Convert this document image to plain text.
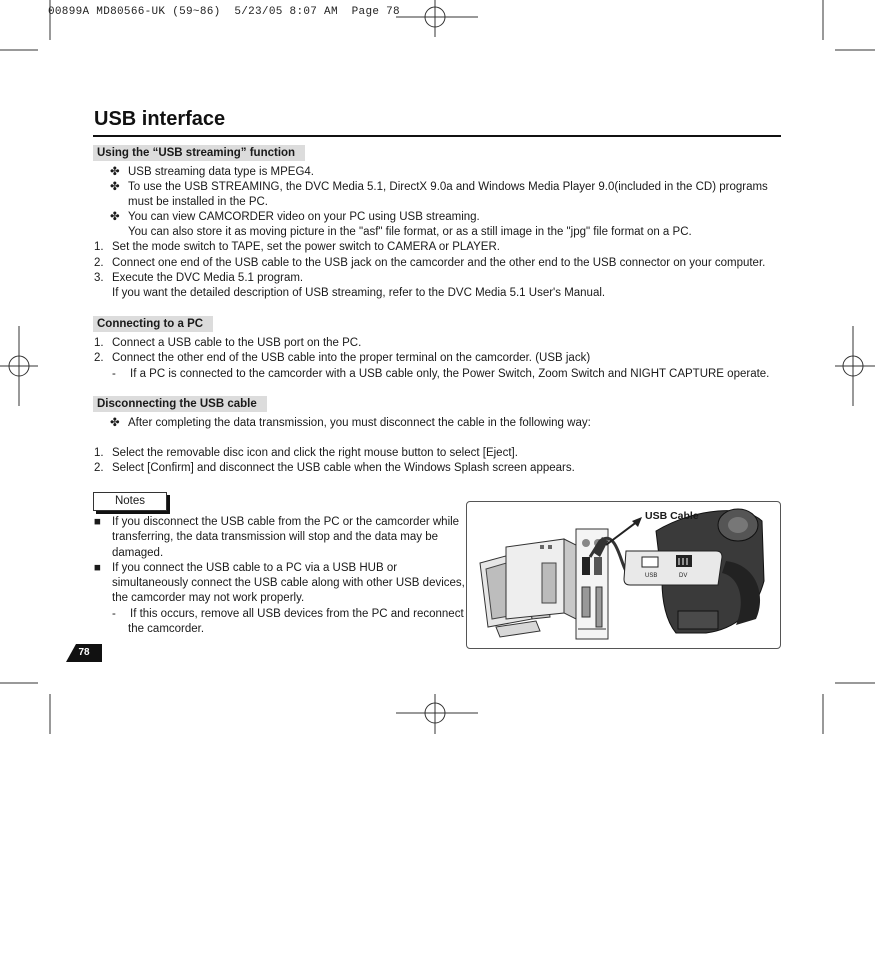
00899A MD80566-UK (59~86)  5/23/05 8:07 AM  Page 78
USB interface
Using the “USB streaming” function
✤ USB streaming data type is MPEG4.
✤ To use the USB STREAMING, the DVC Media 5.1, DirectX 9.0a and Windows Media Player 9.0(included in the CD) programs
must be installed in the PC.
✤ You can view CAMCORDER video on your PC using USB streaming.
You can also store it as moving picture in the "asf" file format, or as a still image in the "jpg" file format on a PC.
1. Set the mode switch to TAPE, set the power switch to CAMERA or PLAYER.
2. Connect one end of the USB cable to the USB jack on the camcorder and the other end to the USB connector on your computer.
3. Execute the DVC Media 5.1 program.
If you want the detailed description of USB streaming, refer to the DVC Media 5.1 User's Manual.
Connecting to a PC
1. Connect a USB cable to the USB port on the PC.
2. Connect the other end of the USB cable into the proper terminal on the camcorder. (USB jack)
- If a PC is connected to the camcorder with a USB cable only, the Power Switch, Zoom Switch and NIGHT CAPTURE operate.
Disconnecting the USB cable
✤ After completing the data transmission, you must disconnect the cable in the following way:
1. Select the removable disc icon and click the right mouse button to select [Eject].
2. Select [Confirm] and disconnect the USB cable when the Windows Splash screen appears.
Notes
■ If you disconnect the USB cable from the PC or the camcorder while
transferring, the data transmission will stop and the data may be
damaged.
■ If you connect the USB cable to a PC via a USB HUB or
simultaneously connect the USB cable along with other USB devices,
the camcorder may not work properly.
- If this occurs, remove all USB devices from the PC and reconnect
the camcorder.
78
USB	DV
USB Cable
